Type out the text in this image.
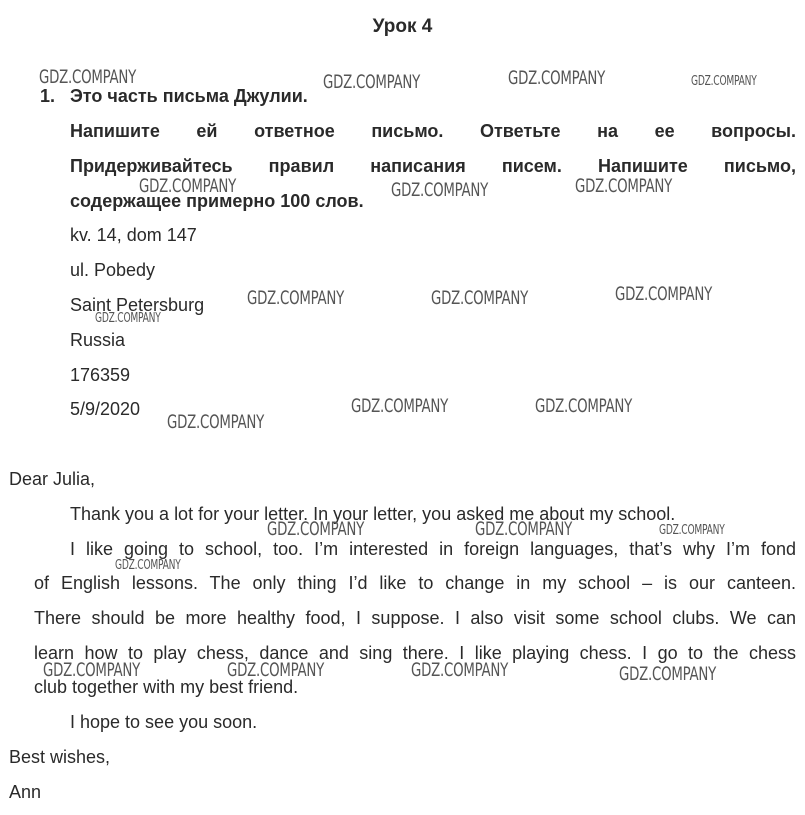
Урок 4
1. Это часть письма Джулии.
Напишите ей ответное письмо. Ответьте на ее вопросы.
Придерживайтесь правил написания писем. Напишите письмо,
содержащее примерно 100 слов.
kv. 14, dom 147
ul. Pobedy
Saint Petersburg
Russia
176359
5/9/2020
Dear Julia,
Thank you a lot for your letter. In your letter, you asked me about my school.
I like going to school, too. I’m interested in foreign languages, that’s why I’m fond
of English lessons. The only thing I’d like to change in my school – is our canteen.
There should be more healthy food, I suppose. I also visit some school clubs. We can
learn how to play chess, dance and sing there. I like playing chess. I go to the chess
club together with my best friend.
I hope to see you soon.
Best wishes,
Ann
GDZ.COMPANY	GDZ.COMPANY	GDZ.COMPANY	GDZ.COMPANY
GDZ.COMPANY	GDZ.COMPANY	GDZ.COMPANY
GDZ.COMPANY	GDZ.COMPANY	GDZ.COMPANY
GDZ.COMPANY
GDZ.COMPANY	GDZ.COMPANY
GDZ.COMPANY
GDZ.COMPANY	GDZ.COMPANY	GDZ.COMPANY
GDZ.COMPANY
GDZ.COMPANY	GDZ.COMPANY	GDZ.COMPANY	GDZ.COMPANY
